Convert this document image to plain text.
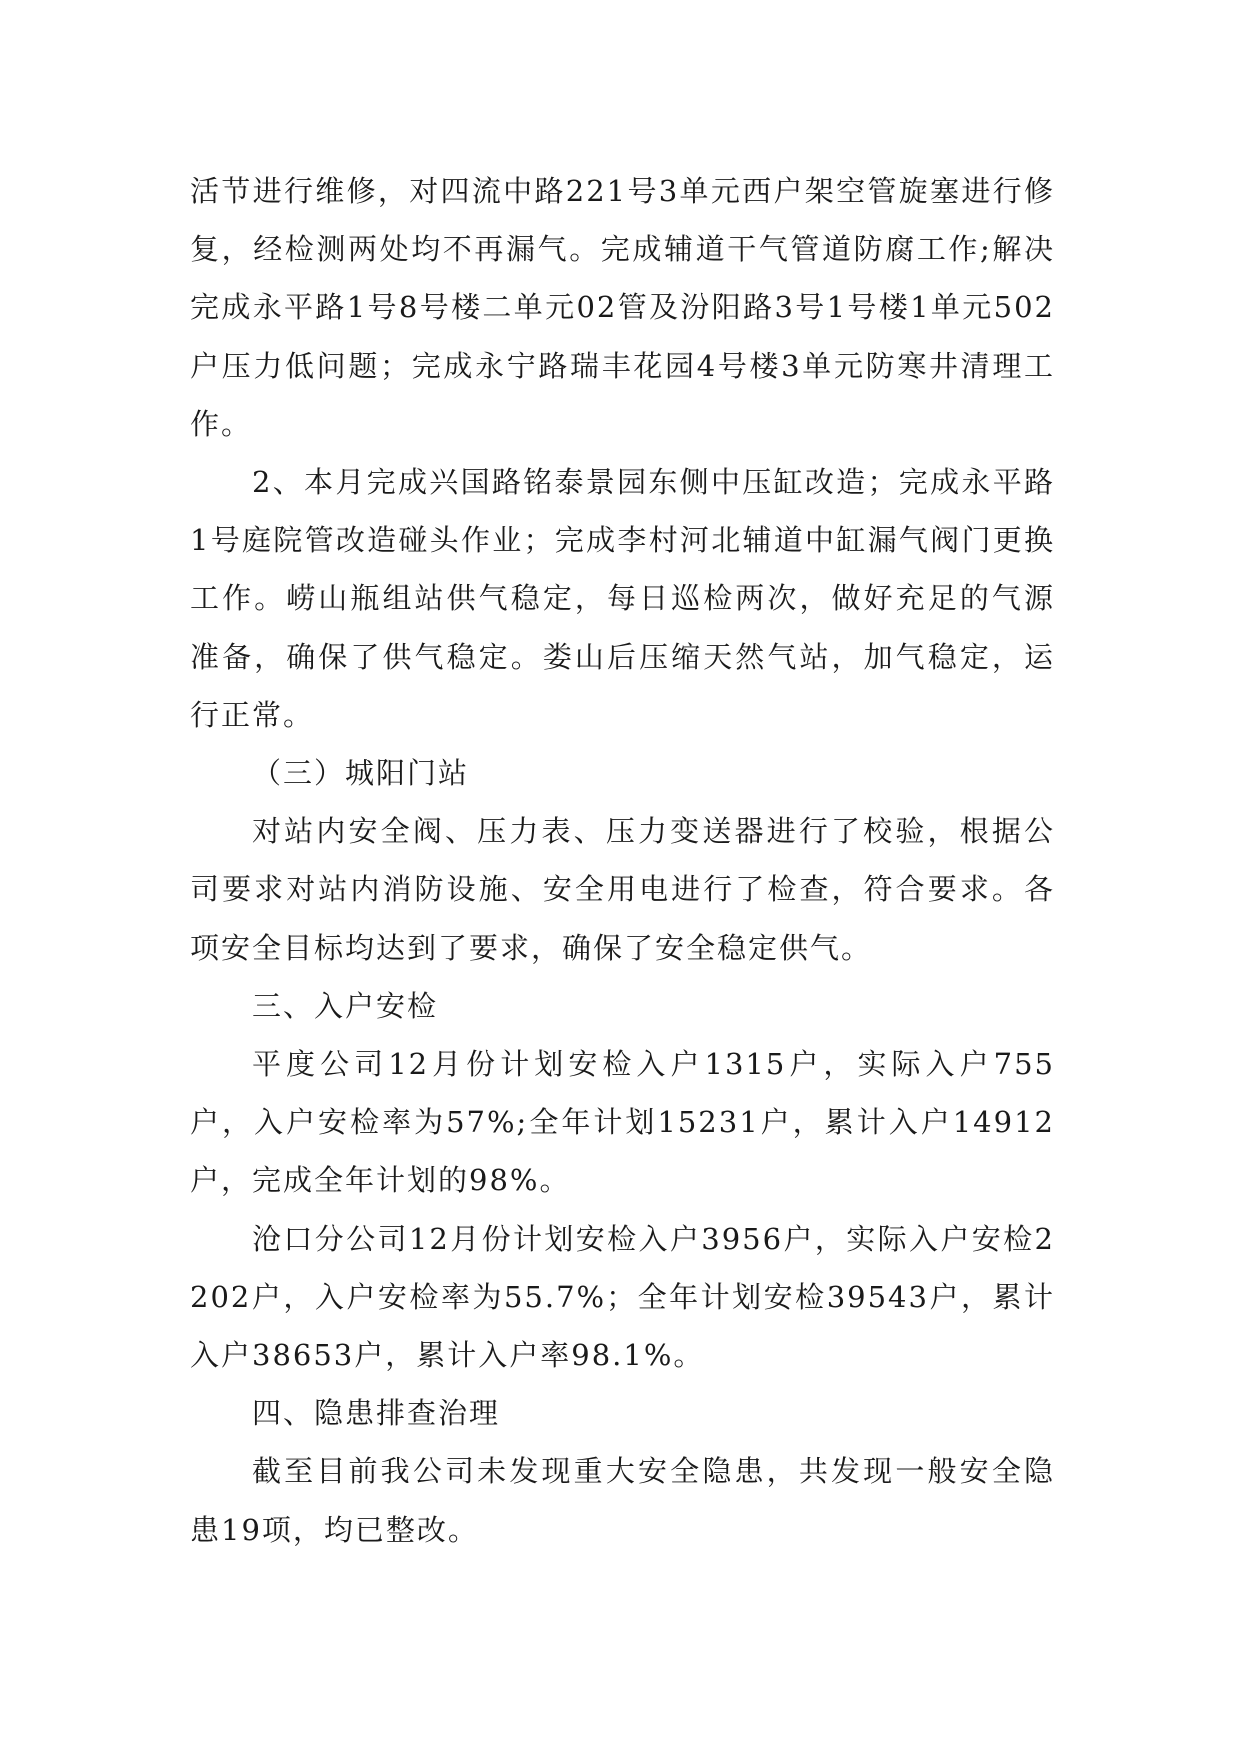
活节进行维修，对四流中路221号3单元西户架空管旋塞进行修复，经检测两处均不再漏气。完成辅道干气管道防腐工作;解决完成永平路1号8号楼二单元02管及汾阳路3号1号楼1单元502户压力低问题；完成永宁路瑞丰花园4号楼3单元防寒井清理工作。

2、本月完成兴国路铭泰景园东侧中压缸改造；完成永平路1号庭院管改造碰头作业；完成李村河北辅道中缸漏气阀门更换工作。崂山瓶组站供气稳定，每日巡检两次，做好充足的气源准备，确保了供气稳定。娄山后压缩天然气站，加气稳定，运行正常。

（三）城阳门站

对站内安全阀、压力表、压力变送器进行了校验，根据公司要求对站内消防设施、安全用电进行了检查，符合要求。各项安全目标均达到了要求，确保了安全稳定供气。

三、入户安检

平度公司12月份计划安检入户1315户，实际入户755户，入户安检率为57%;全年计划15231户，累计入户14912户，完成全年计划的98%。

沧口分公司12月份计划安检入户3956户，实际入户安检2202户，入户安检率为55.7%；全年计划安检39543户，累计入户38653户，累计入户率98.1%。

四、隐患排查治理

截至目前我公司未发现重大安全隐患，共发现一般安全隐患19项，均已整改。
